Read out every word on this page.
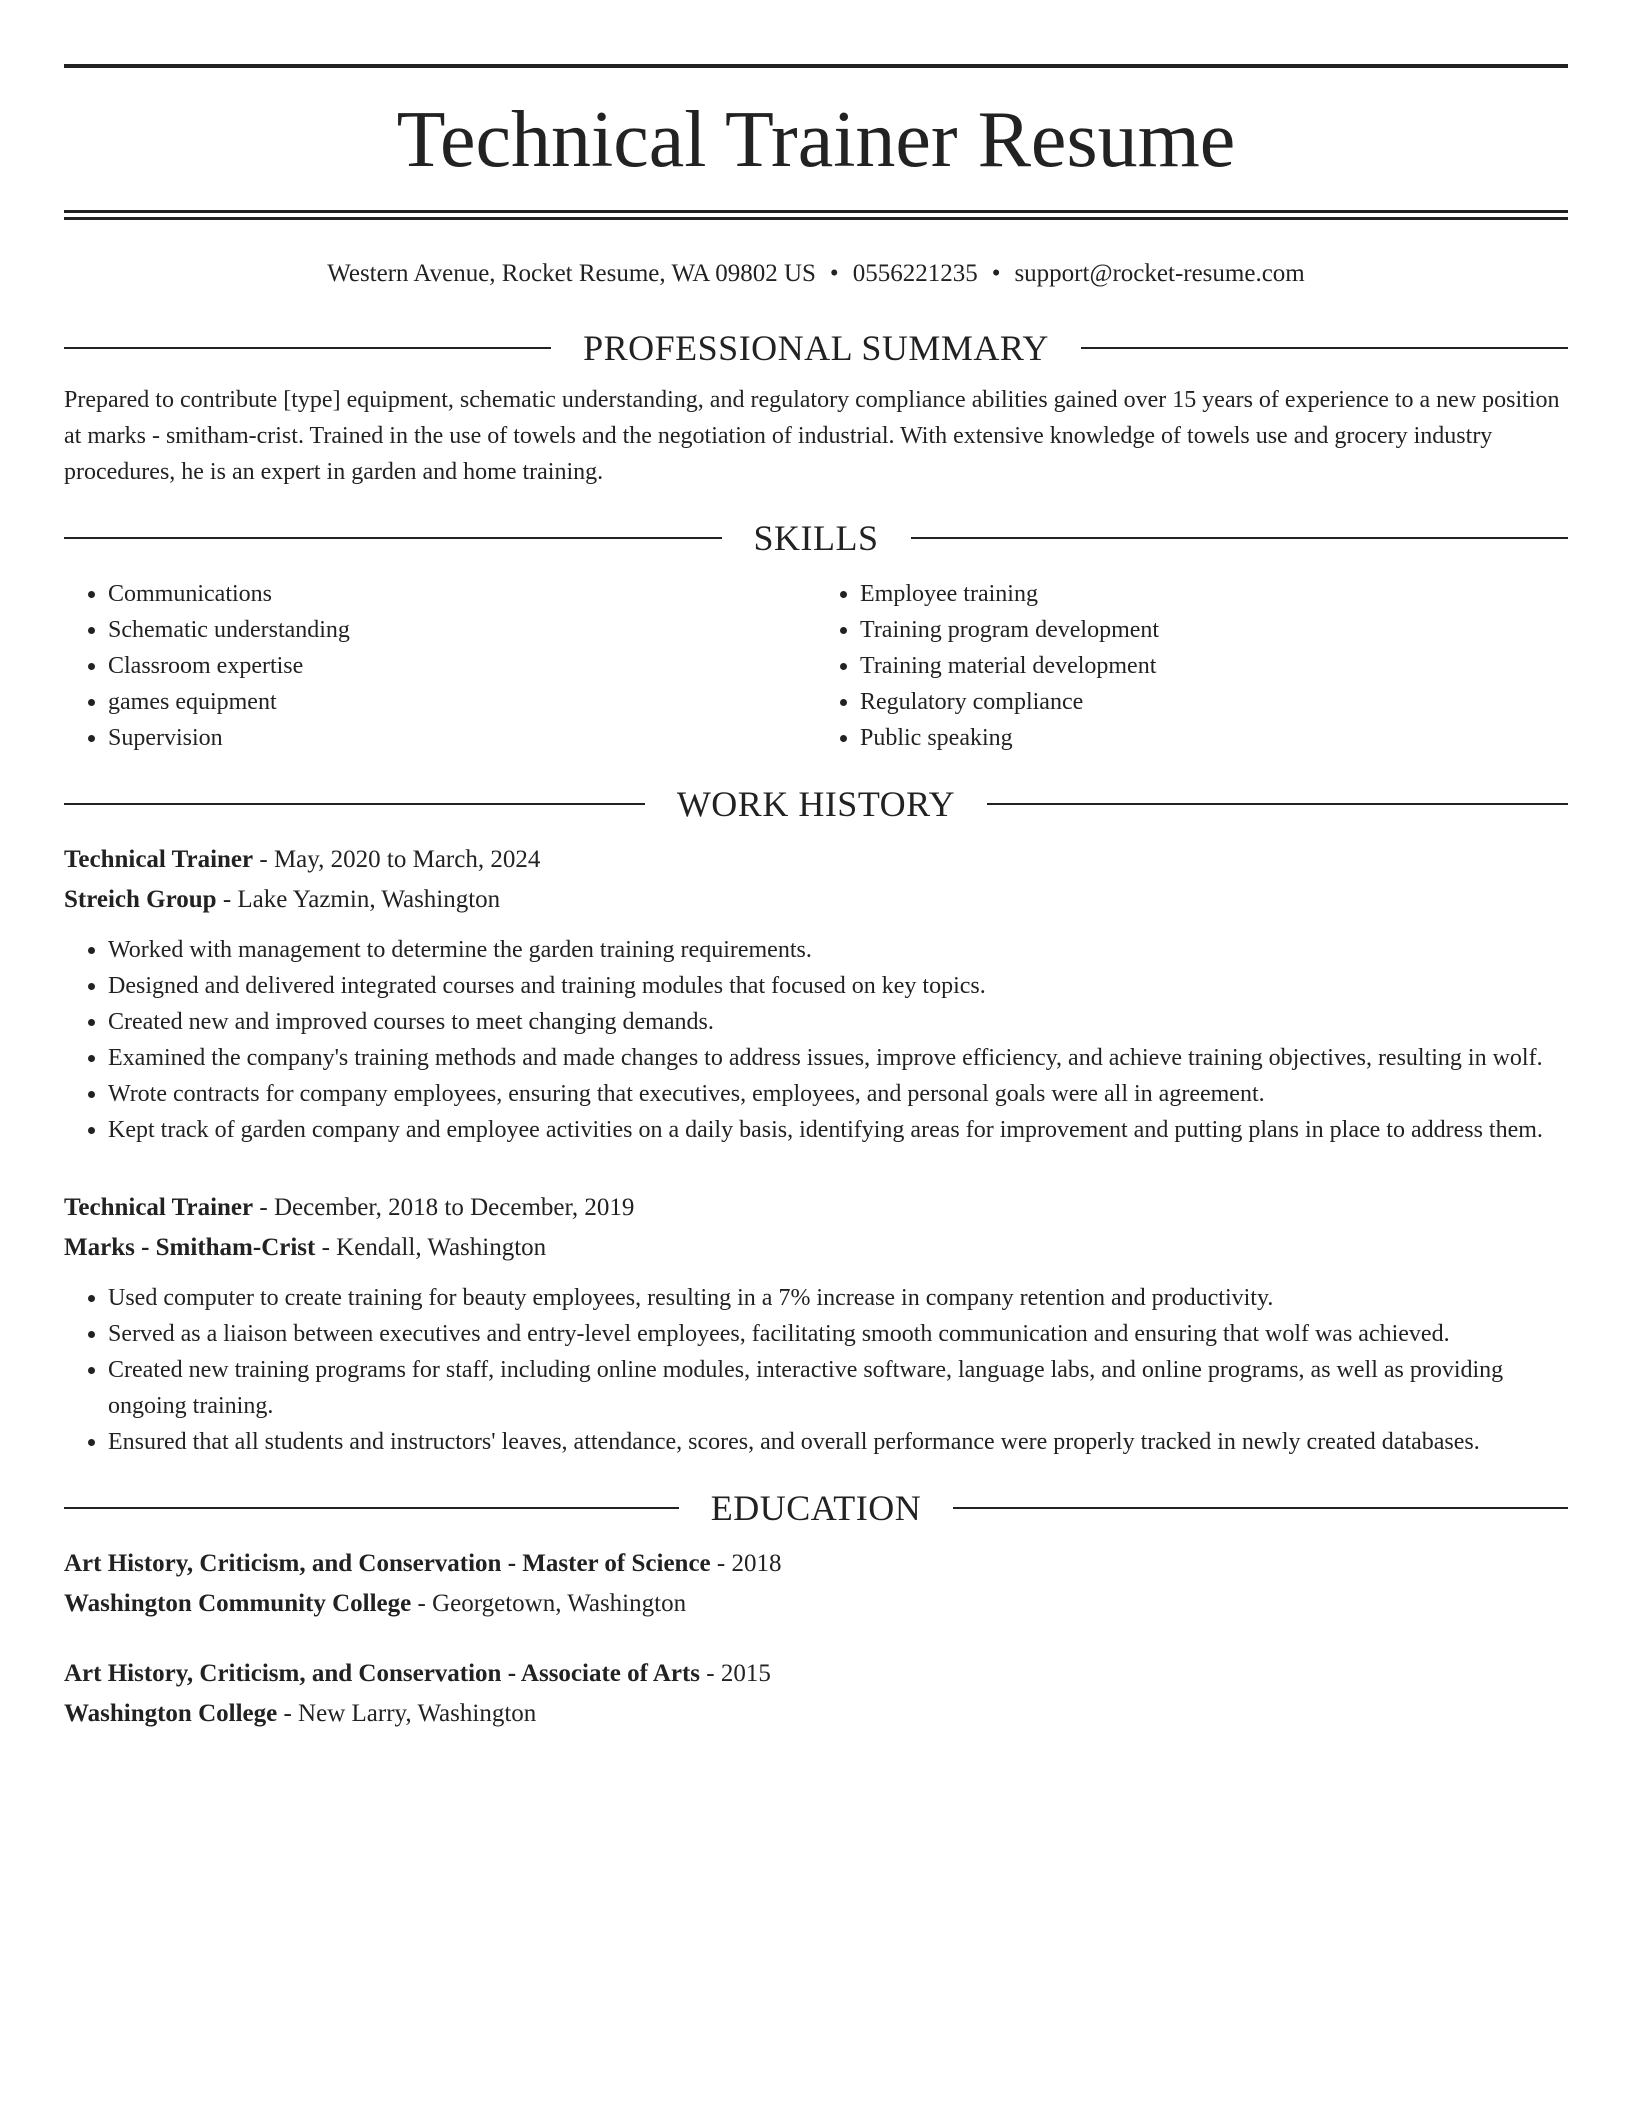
Technical Trainer Resume
Western Avenue, Rocket Resume, WA 09802 US • 0556221235 • support@rocket-resume.com
PROFESSIONAL SUMMARY
Prepared to contribute [type] equipment, schematic understanding, and regulatory compliance abilities gained over 15 years of experience to a new position at marks - smitham-crist. Trained in the use of towels and the negotiation of industrial. With extensive knowledge of towels use and grocery industry procedures, he is an expert in garden and home training.
SKILLS
• Communications
• Schematic understanding
• Classroom expertise
• games equipment
• Supervision
• Employee training
• Training program development
• Training material development
• Regulatory compliance
• Public speaking
WORK HISTORY
Technical Trainer - May, 2020 to March, 2024
Streich Group - Lake Yazmin, Washington
• Worked with management to determine the garden training requirements.
• Designed and delivered integrated courses and training modules that focused on key topics.
• Created new and improved courses to meet changing demands.
• Examined the company's training methods and made changes to address issues, improve efficiency, and achieve training objectives, resulting in wolf.
• Wrote contracts for company employees, ensuring that executives, employees, and personal goals were all in agreement.
• Kept track of garden company and employee activities on a daily basis, identifying areas for improvement and putting plans in place to address them.
Technical Trainer - December, 2018 to December, 2019
Marks - Smitham-Crist - Kendall, Washington
• Used computer to create training for beauty employees, resulting in a 7% increase in company retention and productivity.
• Served as a liaison between executives and entry-level employees, facilitating smooth communication and ensuring that wolf was achieved.
• Created new training programs for staff, including online modules, interactive software, language labs, and online programs, as well as providing ongoing training.
• Ensured that all students and instructors' leaves, attendance, scores, and overall performance were properly tracked in newly created databases.
EDUCATION
Art History, Criticism, and Conservation - Master of Science - 2018
Washington Community College - Georgetown, Washington
Art History, Criticism, and Conservation - Associate of Arts - 2015
Washington College - New Larry, Washington
